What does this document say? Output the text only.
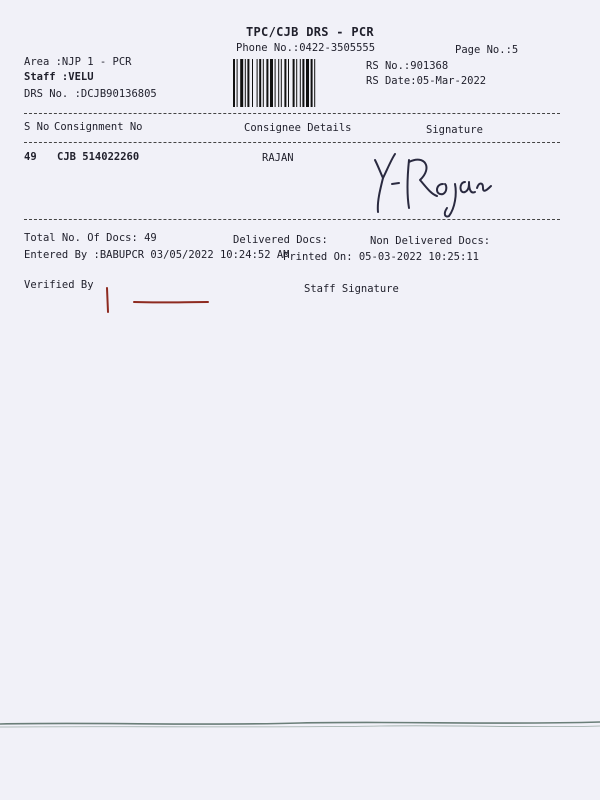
TPC/CJB DRS - PCR
Phone No.:0422-3505555	Page No.:5
Area :NJP 1 - PCR
Staff :VELU
DRS No. :DCJB90136805
RS No.:901368
RS Date:05-Mar-2022
S No Consignment No	Consignee Details	Signature
49 CJB 514022260	RAJAN
Total No. Of Docs: 49	Delivered Docs:	Non Delivered Docs:
Entered By :BABUPCR 03/05/2022 10:24:52 AM
Printed On: 05-03-2022 10:25:11
Verified By	Staff Signature
